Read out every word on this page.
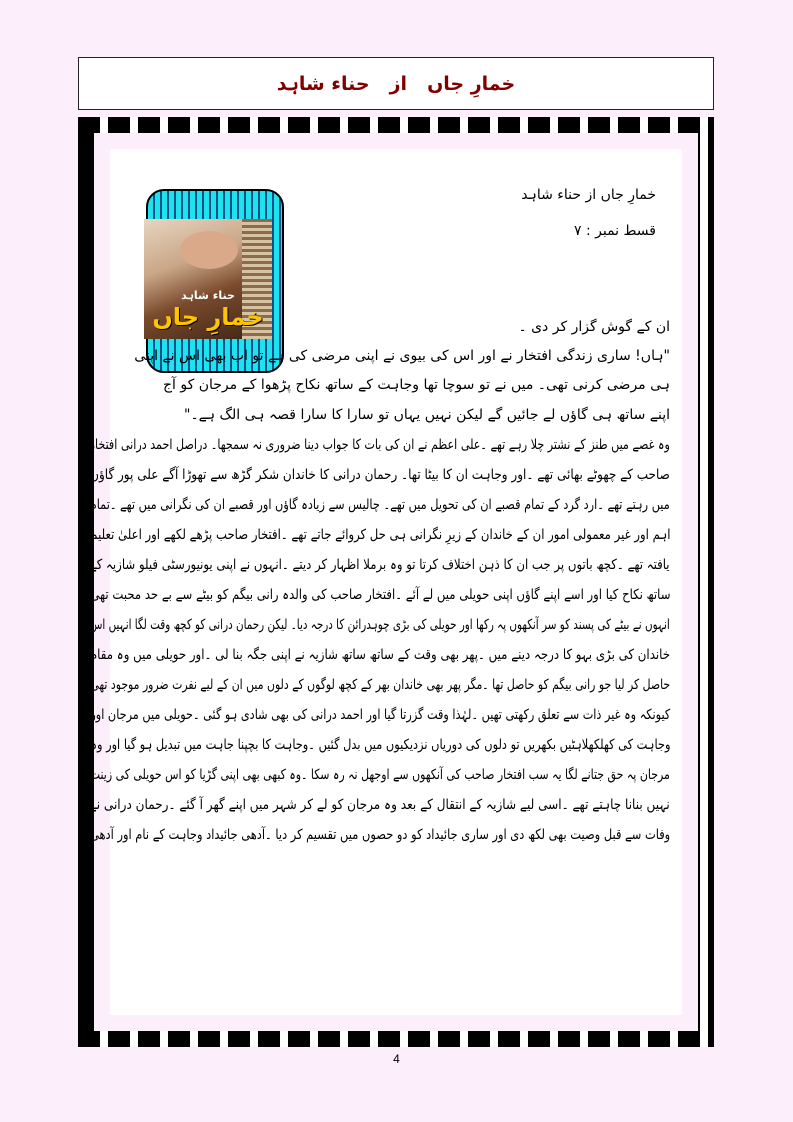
خمارِ جاں
از
حناء شاہد
حناء شاہد
خمارِ جاں
خمارِ جاں از حناء شاہد
قسط نمبر : ۷
ان کے گوش گزار کر دی ۔
"ہاں! ساری زندگی افتخار نے اور اس کی بیوی نے اپنی مرضی کی ہے تو اب بھی اس نے اپنی
ہی مرضی کرنی تھی۔ میں نے تو سوچا تھا وجاہت کے ساتھ نکاح پڑھوا کے مرجان کو آج
اپنے ساتھ ہی گاؤں لے جائیں گے لیکن نہیں یہاں تو سارا کا سارا قصہ ہی الگ ہے۔"
وہ غصے میں طنز کے نشتر چلا رہے تھے ۔علی اعظم نے ان کی بات کا جواب دینا ضروری نہ سمجھا۔ دراصل احمد درانی افتخار
صاحب کے چھوٹے بھائی تھے ۔اور وجاہت ان کا بیٹا تھا۔ رحمان درانی کا خاندان شکر گڑھ سے تھوڑا آگے علی پور گاؤں
میں رہتے تھے ۔ارد گرد کے تمام قصبے ان کی تحویل میں تھے۔ چالیس سے زیادہ گاؤں اور قصبے ان کی نگرانی میں تھے ۔تمام
اہم اور غیر معمولی امور ان کے خاندان کے زیرِ نگرانی ہی حل کروائے جاتے تھے ۔افتخار صاحب پڑھے لکھے اور اعلیٰ تعلیم
یافتہ تھے ۔کچھ باتوں پر جب ان کا ذہن اختلاف کرتا تو وہ برملا اظہار کر دیتے ۔انہوں نے اپنی یونیورسٹی فیلو شازیہ کے
ساتھ نکاح کیا اور اسے اپنے گاؤں اپنی حویلی میں لے آئے ۔افتخار صاحب کی والدہ رانی بیگم کو بیٹے سے بے حد محبت تھی
انہوں نے بیٹے کی پسند کو سر آنکھوں پہ رکھا اور حویلی کی بڑی چوہدرائن کا درجہ دیا۔ لیکن رحمان درانی کو کچھ وقت لگا انہیں اس
خاندان کی بڑی بہو کا درجہ دینے میں ۔پھر بھی وقت کے ساتھ ساتھ شازیہ نے اپنی جگہ بنا لی ۔اور حویلی میں وہ مقام
حاصل کر لیا جو رانی بیگم کو حاصل تھا ۔مگر پھر بھی خاندان بھر کے کچھ لوگوں کے دلوں میں ان کے لیے نفرت ضرور موجود تھی
کیونکہ وہ غیر ذات سے تعلق رکھتی تھیں ۔لہٰذا وقت گزرتا گیا اور احمد درانی کی بھی شادی ہو گئی ۔حویلی میں مرجان اور
وجاہت کی کھلکھلاہٹیں بکھریں تو دلوں کی دوریاں نزدیکیوں میں بدل گئیں ۔وجاہت کا بچپنا جاہت میں تبدیل ہو گیا اور وہ
مرجان پہ حق جتانے لگا یہ سب افتخار صاحب کی آنکھوں سے اوجھل نہ رہ سکا ۔وہ کبھی بھی اپنی گڑیا کو اس حویلی کی زینت
نہیں بنانا چاہتے تھے ۔اسی لیے شازیہ کے انتقال کے بعد وہ مرجان کو لے کر شہر میں اپنے گھر آ گئے ۔رحمان درانی نے
وفات سے قبل وصیت بھی لکھ دی اور ساری جائیداد کو دو حصوں میں تقسیم کر دیا ۔آدھی جائیداد وجاہت کے نام اور آدھی
4
